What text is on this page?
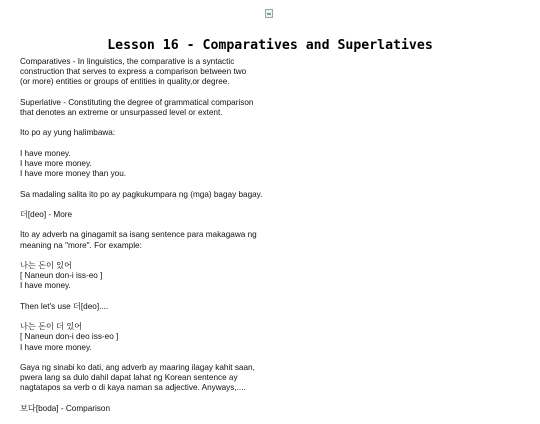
Lesson 16 - Comparatives and Superlatives
Comparatives - In linguistics, the comparative is a syntactic
construction that serves to express a comparison between two
(or more) entities or groups of entities in quality,or degree.
Superlative - Constituting the degree of grammatical comparison
that denotes an extreme or unsurpassed level or extent.
Ito po ay yung halimbawa:
I have money.
I have more money.
I have more money than you.
Sa madaling salita ito po ay pagkukumpara ng (mga) bagay bagay.
더[deo] - More
Ito ay adverb na ginagamit sa isang sentence para makagawa ng
meaning na "more". For example:
나는 돈이 있어
[ Naneun don-i iss-eo ]
I have money.
Then let's use 더[deo]....
나는 돈이 더 있어
[ Naneun don-i deo iss-eo ]
I have more money.
Gaya ng sinabi ko dati, ang adverb ay maaring ilagay kahit saan,
pwera lang sa dulo dahil dapat lahat ng Korean sentence ay
nagtatapos sa verb o di kaya naman sa adjective. Anyways,....
보다[boda] - Comparison
